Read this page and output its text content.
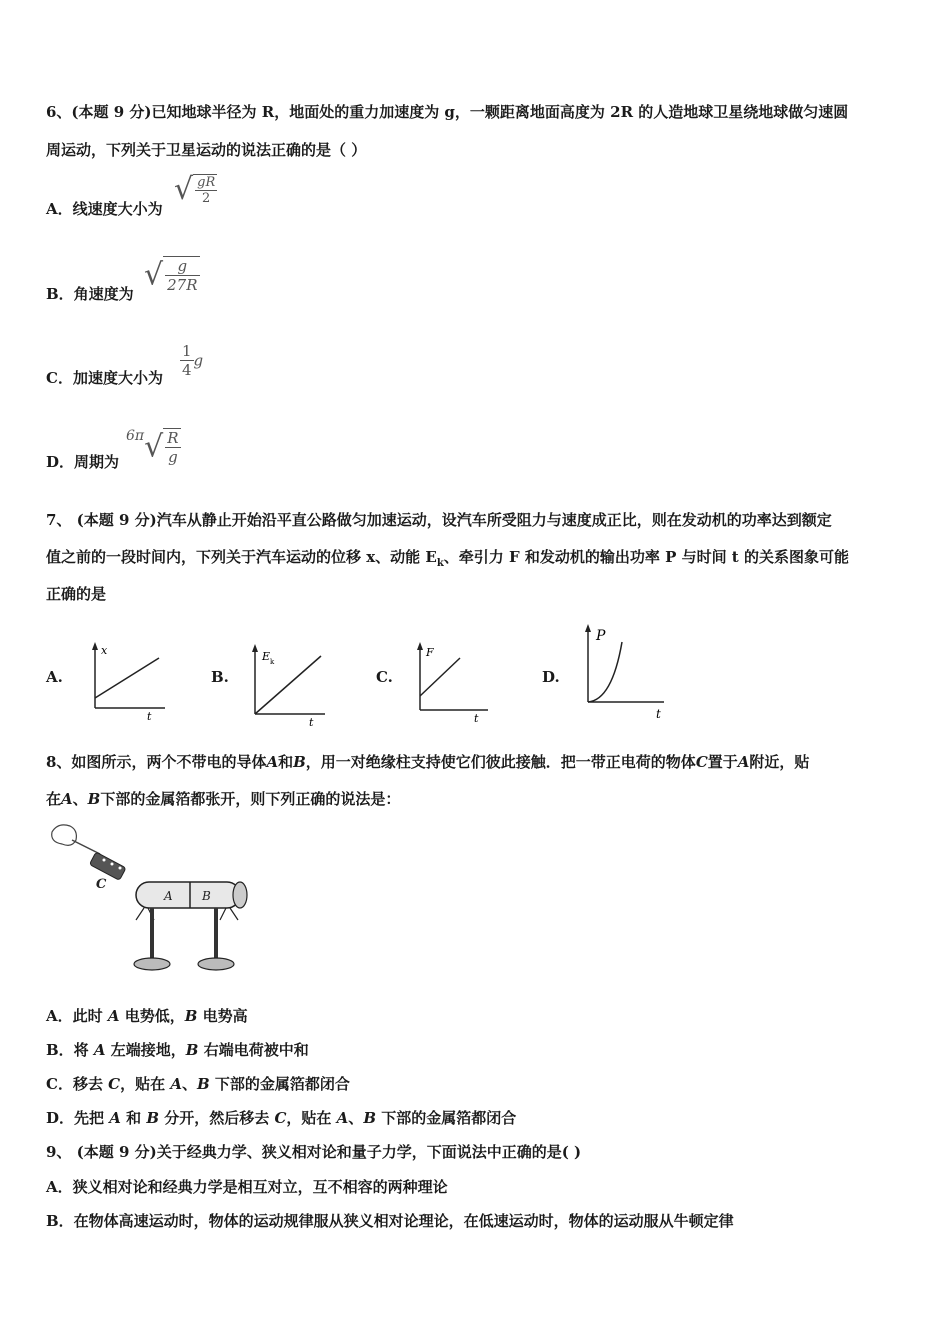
6、(本题 9 分)已知地球半径为 R，地面处的重力加速度为 g，一颗距离地面高度为 2R 的人造地球卫星绕地球做匀速圆
周运动，下列关于卫星运动的说法正确的是（ ）
A．线速度大小为
√ $\frac{gR}{2}$
B．角速度为
√ $\frac{g}{27R}$
C．加速度大小为 $\frac{1}{4}$ g
D．周期为
$6\pi√ \frac{R}{g}$
7、 (本题 9 分)汽车从静止开始沿平直公路做匀加速运动，设汽车所受阻力与速度成正比，则在发动机的功率达到额定
值之前的一段时间内，下列关于汽车运动的位移 x、动能 $E_k$、牵引力 F 和发动机的输出功率 P 与时间 t 的关系图象可能
正确的是
A.
x
t
B.
E k
t
C.
F
t
D.
P
t
8、如图所示，两个不带电的导体A和B，用一对绝缘柱支持使它们彼此接触．把一带正电荷的物体C置于A附近，贴
在A、B下部的金属箔都张开，则下列正确的说法是：
C
A B
A．此时 A 电势低，B 电势高
B．将 A 左端接地，B 右端电荷被中和
C．移去 C，贴在 A、B 下部的金属箔都闭合
D．先把 A 和 B 分开，然后移去 C，贴在 A、B 下部的金属箔都闭合
9、 (本题 9 分)关于经典力学、狭义相对论和量子力学，下面说法中正确的是( )
A．狭义相对论和经典力学是相互对立，互不相容的两种理论
B．在物体高速运动时，物体的运动规律服从狭义相对论理论，在低速运动时，物体的运动服从牛顿定律
